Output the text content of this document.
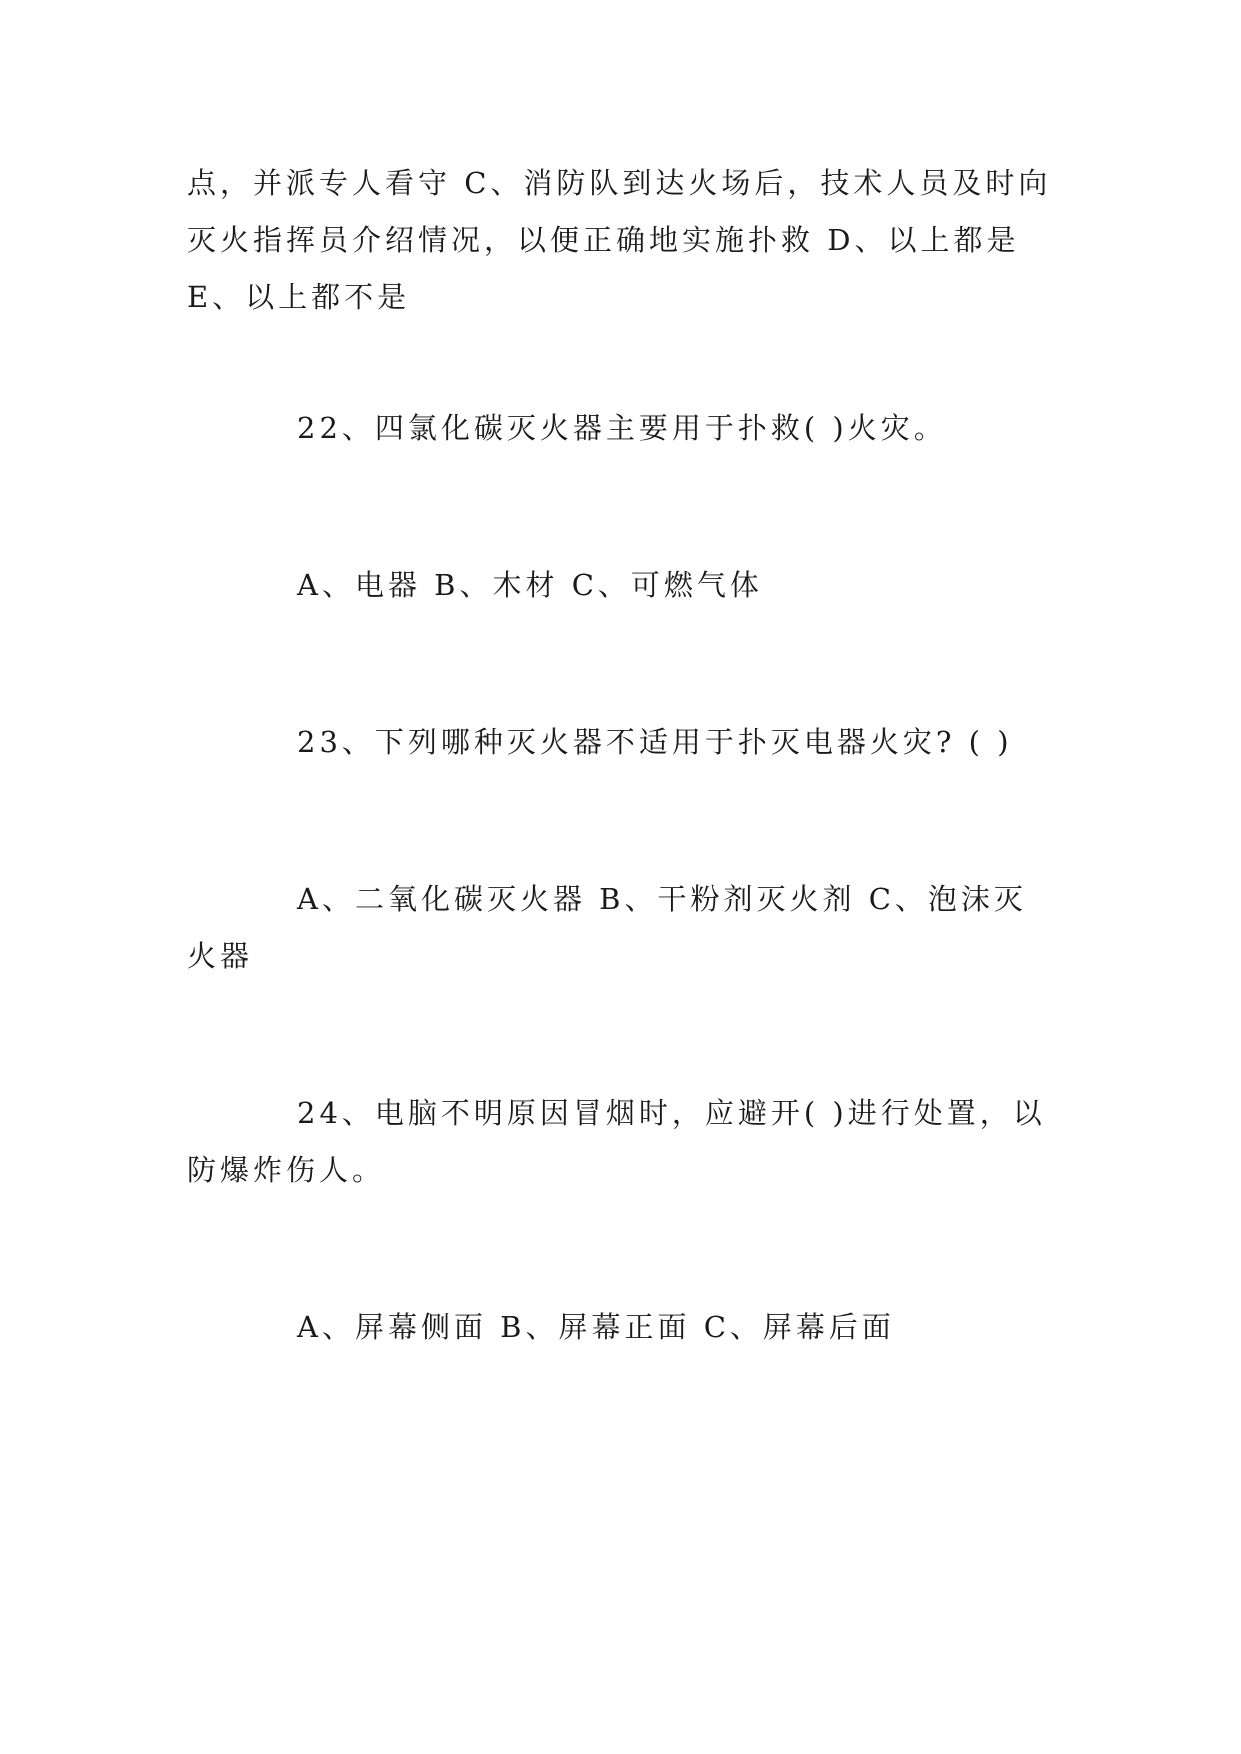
点，并派专人看守 C、消防队到达火场后，技术人员及时向灭火指挥员介绍情况，以便正确地实施扑救 D、以上都是 E、以上都不是

22、四氯化碳灭火器主要用于扑救( )火灾。

A、电器 B、木材 C、可燃气体

23、下列哪种灭火器不适用于扑灭电器火灾? ( )

A、二氧化碳灭火器 B、干粉剂灭火剂 C、泡沫灭火器

24、电脑不明原因冒烟时，应避开( )进行处置，以防爆炸伤人。

A、屏幕侧面 B、屏幕正面 C、屏幕后面
